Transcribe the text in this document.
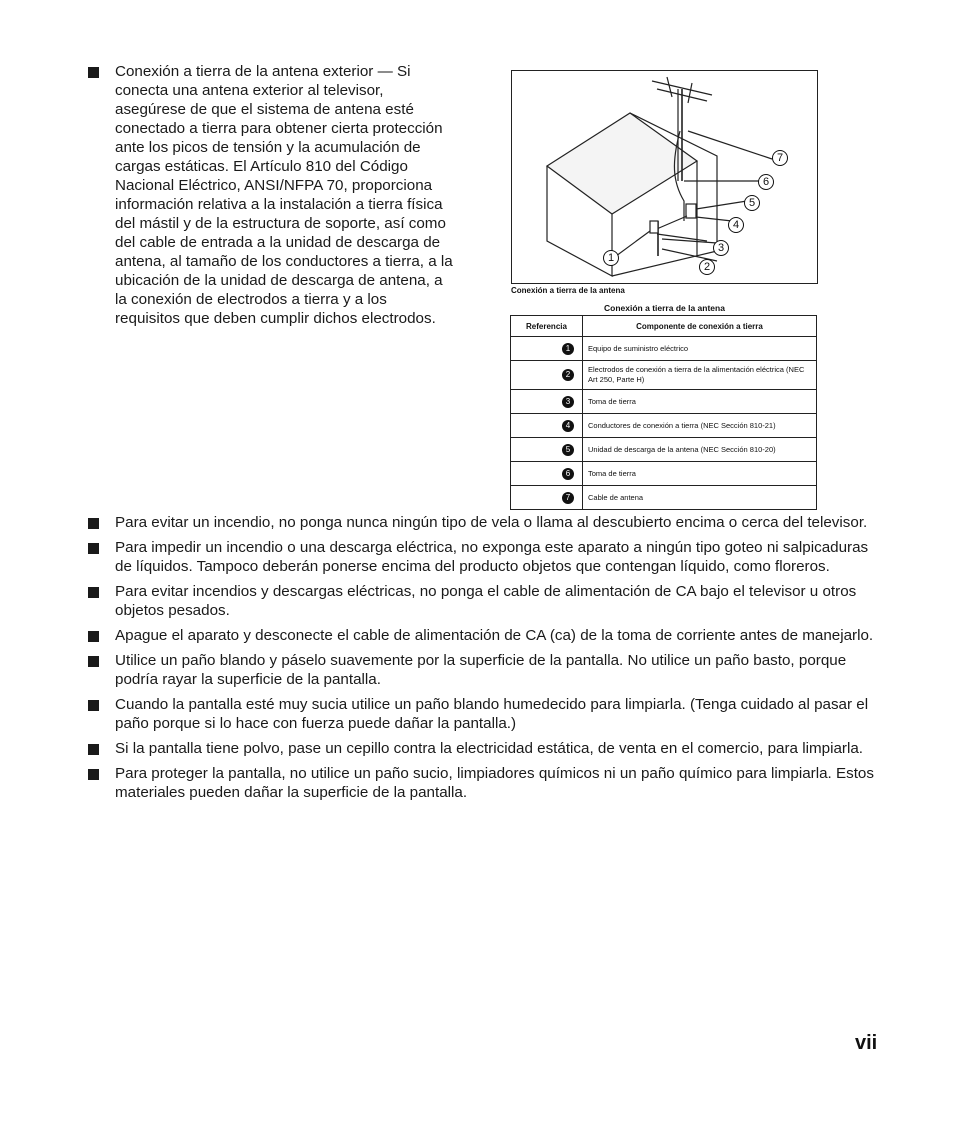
Conexión a tierra de la antena exterior — Si conecta una antena exterior al televisor, asegúrese de que el sistema de antena esté conectado a tierra para obtener cierta protección ante los picos de tensión y la acumulación de cargas estáticas. El Artículo 810 del Código Nacional Eléctrico, ANSI/NFPA 70, proporciona información relativa a la instalación a tierra física del mástil y de la estructura de soporte, así como del cable de entrada a la unidad de descarga de antena, al tamaño de los conductores a tierra, a la ubicación de la unidad de descarga de antena, a la conexión de electrodos a tierra y a los requisitos que deben cumplir dichos electrodos.
1
2
3
4
5
6
7
Conexión a tierra de la antena
Conexión a tierra de la antena
Referencia	Componente de conexión a tierra
1	Equipo de suministro eléctrico
2	Electrodos de conexión a tierra de la alimentación eléctrica (NEC Art 250, Parte H)
3	Toma de tierra
4	Conductores de conexión a tierra (NEC Sección 810-21)
5	Unidad de descarga de la antena (NEC Sección 810-20)
6	Toma de tierra
7	Cable de antena
Para evitar un incendio, no ponga nunca ningún tipo de vela o llama al descubierto encima o cerca del televisor.
Para impedir un incendio o una descarga eléctrica, no exponga este aparato a ningún tipo goteo ni salpicaduras de líquidos. Tampoco deberán ponerse encima del producto objetos que contengan líquido, como floreros.
Para evitar incendios y descargas eléctricas, no ponga el cable de alimentación de CA bajo el televisor u otros objetos pesados.
Apague el aparato y desconecte el cable de alimentación de CA (ca) de la toma de corriente antes de manejarlo.
Utilice un paño blando y páselo suavemente por la superficie de la pantalla. No utilice un paño basto, porque podría rayar la superficie de la pantalla.
Cuando la pantalla esté muy sucia utilice un paño blando humedecido para limpiarla. (Tenga cuidado al pasar el paño porque si lo hace con fuerza puede dañar la pantalla.)
Si la pantalla tiene polvo, pase un cepillo contra la electricidad estática, de venta en el comercio, para limpiarla.
Para proteger la pantalla, no utilice un paño sucio, limpiadores químicos ni un paño químico para limpiarla. Estos materiales pueden dañar la superficie de la pantalla.
vii
